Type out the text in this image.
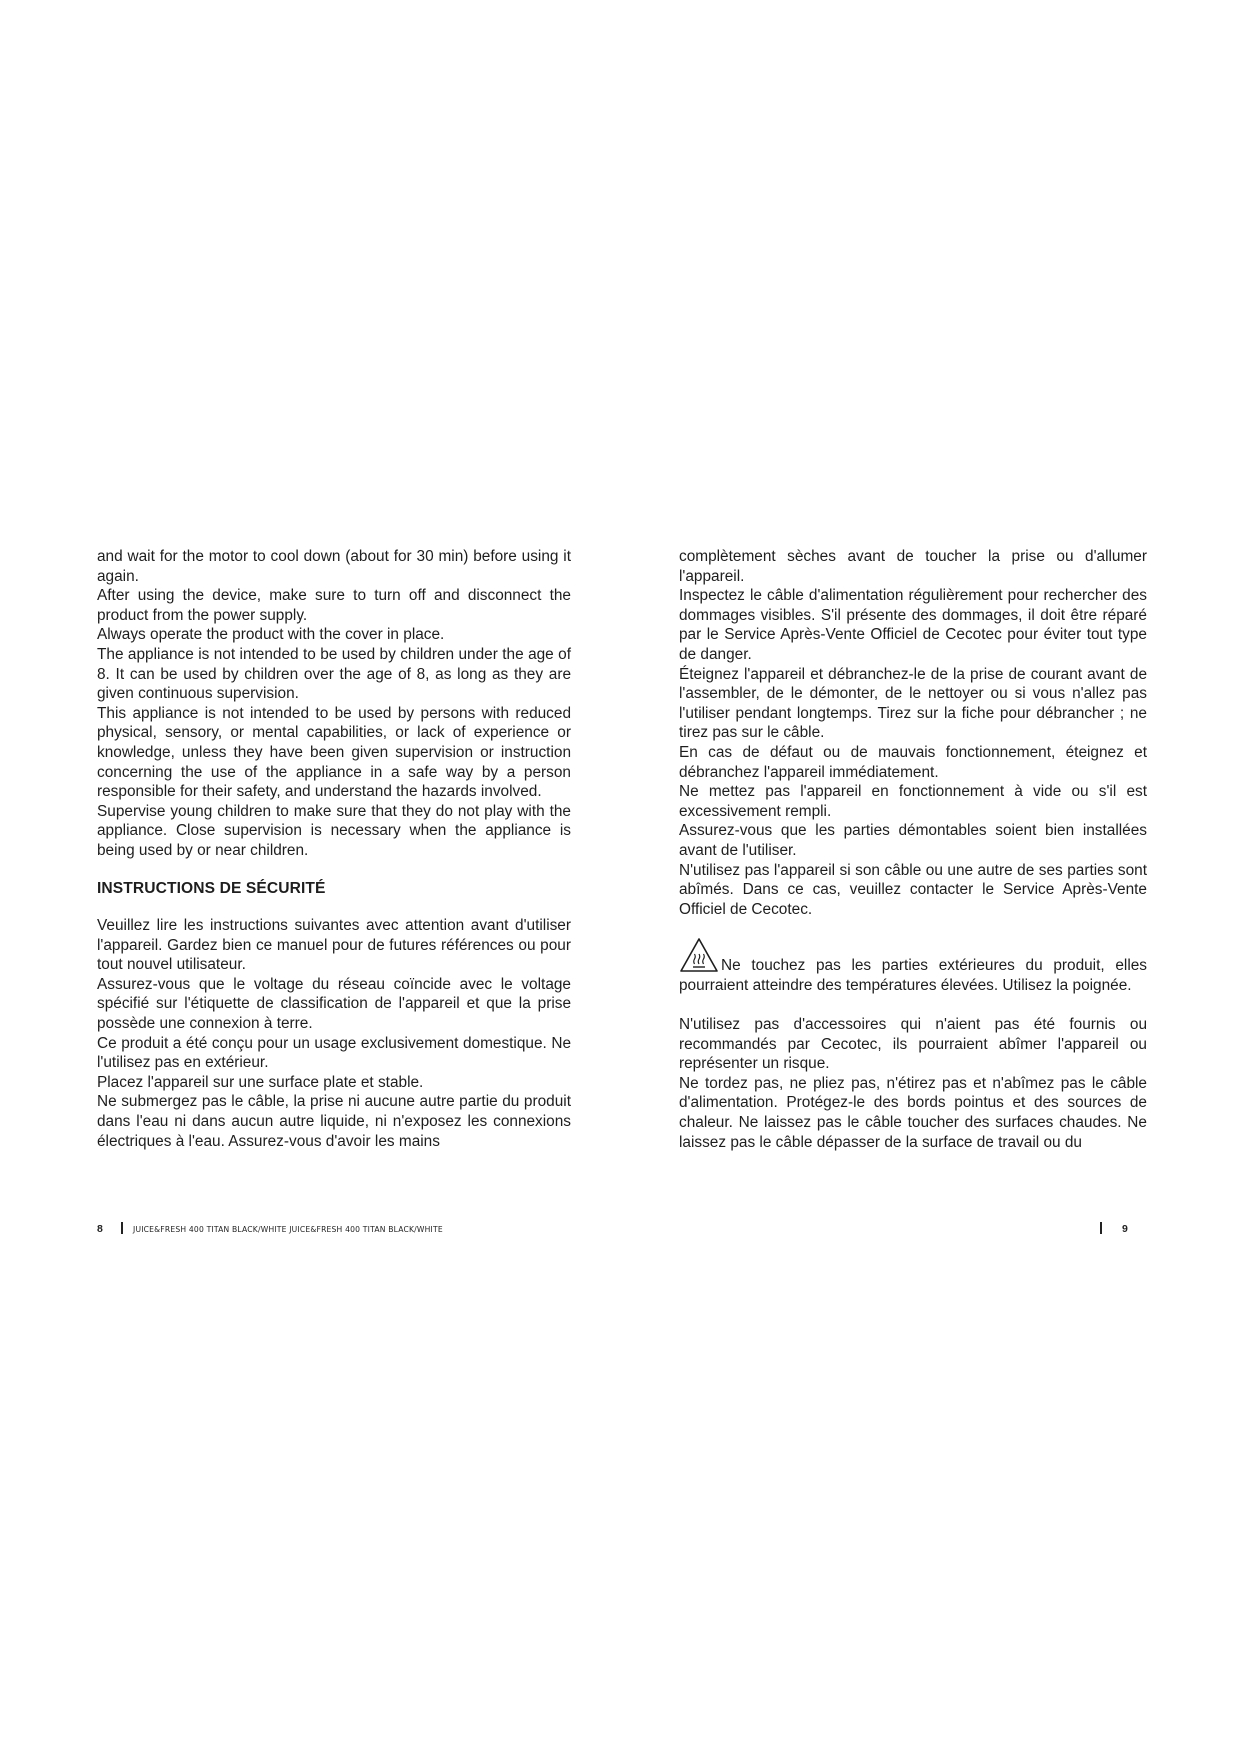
and wait for the motor to cool down (about for 30 min) before using it again.

After using the device, make sure to turn off and disconnect the product from the power supply.

Always operate the product with the cover in place.

The appliance is not intended to be used by children under the age of 8. It can be used by children over the age of 8, as long as they are given continuous supervision.

This appliance is not intended to be used by persons with reduced physical, sensory, or mental capabilities, or lack of experience or knowledge, unless they have been given supervision or instruction concerning the use of the appliance in a safe way by a person responsible for their safety, and understand the hazards involved.

Supervise young children to make sure that they do not play with the appliance. Close supervision is necessary when the appliance is being used by or near children.

INSTRUCTIONS DE SÉCURITÉ

Veuillez lire les instructions suivantes avec attention avant d'utiliser l'appareil. Gardez bien ce manuel pour de futures références ou pour tout nouvel utilisateur.

Assurez-vous que le voltage du réseau coïncide avec le voltage spécifié sur l'étiquette de classification de l'appareil et que la prise possède une connexion à terre.

Ce produit a été conçu pour un usage exclusivement domestique. Ne l'utilisez pas en extérieur.

Placez l'appareil sur une surface plate et stable.

Ne submergez pas le câble, la prise ni aucune autre partie du produit dans l'eau ni dans aucun autre liquide, ni n'exposez les connexions électriques à l'eau. Assurez-vous d'avoir les mains

complètement sèches avant de toucher la prise ou d'allumer l'appareil.

Inspectez le câble d'alimentation régulièrement pour rechercher des dommages visibles. S'il présente des dommages, il doit être réparé par le Service Après-Vente Officiel de Cecotec pour éviter tout type de danger.

Éteignez l'appareil et débranchez-le de la prise de courant avant de l'assembler, de le démonter, de le nettoyer ou si vous n'allez pas l'utiliser pendant longtemps. Tirez sur la fiche pour débrancher ; ne tirez pas sur le câble.

En cas de défaut ou de mauvais fonctionnement, éteignez et débranchez l'appareil immédiatement.

Ne mettez pas l'appareil en fonctionnement à vide ou s'il est excessivement rempli.

Assurez-vous que les parties démontables soient bien installées avant de l'utiliser.

N'utilisez pas l'appareil si son câble ou une autre de ses parties sont abîmés. Dans ce cas, veuillez contacter le Service Après-Vente Officiel de Cecotec.

Ne touchez pas les parties extérieures du produit, elles pourraient atteindre des températures élevées. Utilisez la poignée.

N'utilisez pas d'accessoires qui n'aient pas été fournis ou recommandés par Cecotec, ils pourraient abîmer l'appareil ou représenter un risque.

Ne tordez pas, ne pliez pas, n'étirez pas et n'abîmez pas le câble d'alimentation. Protégez-le des bords pointus et des sources de chaleur. Ne laissez pas le câble toucher des surfaces chaudes. Ne laissez pas le câble dépasser de la surface de travail ou du

8	JUICE&FRESH 400 TITAN BLACK/WHITE JUICE&FRESH 400 TITAN BLACK/WHITE	9
